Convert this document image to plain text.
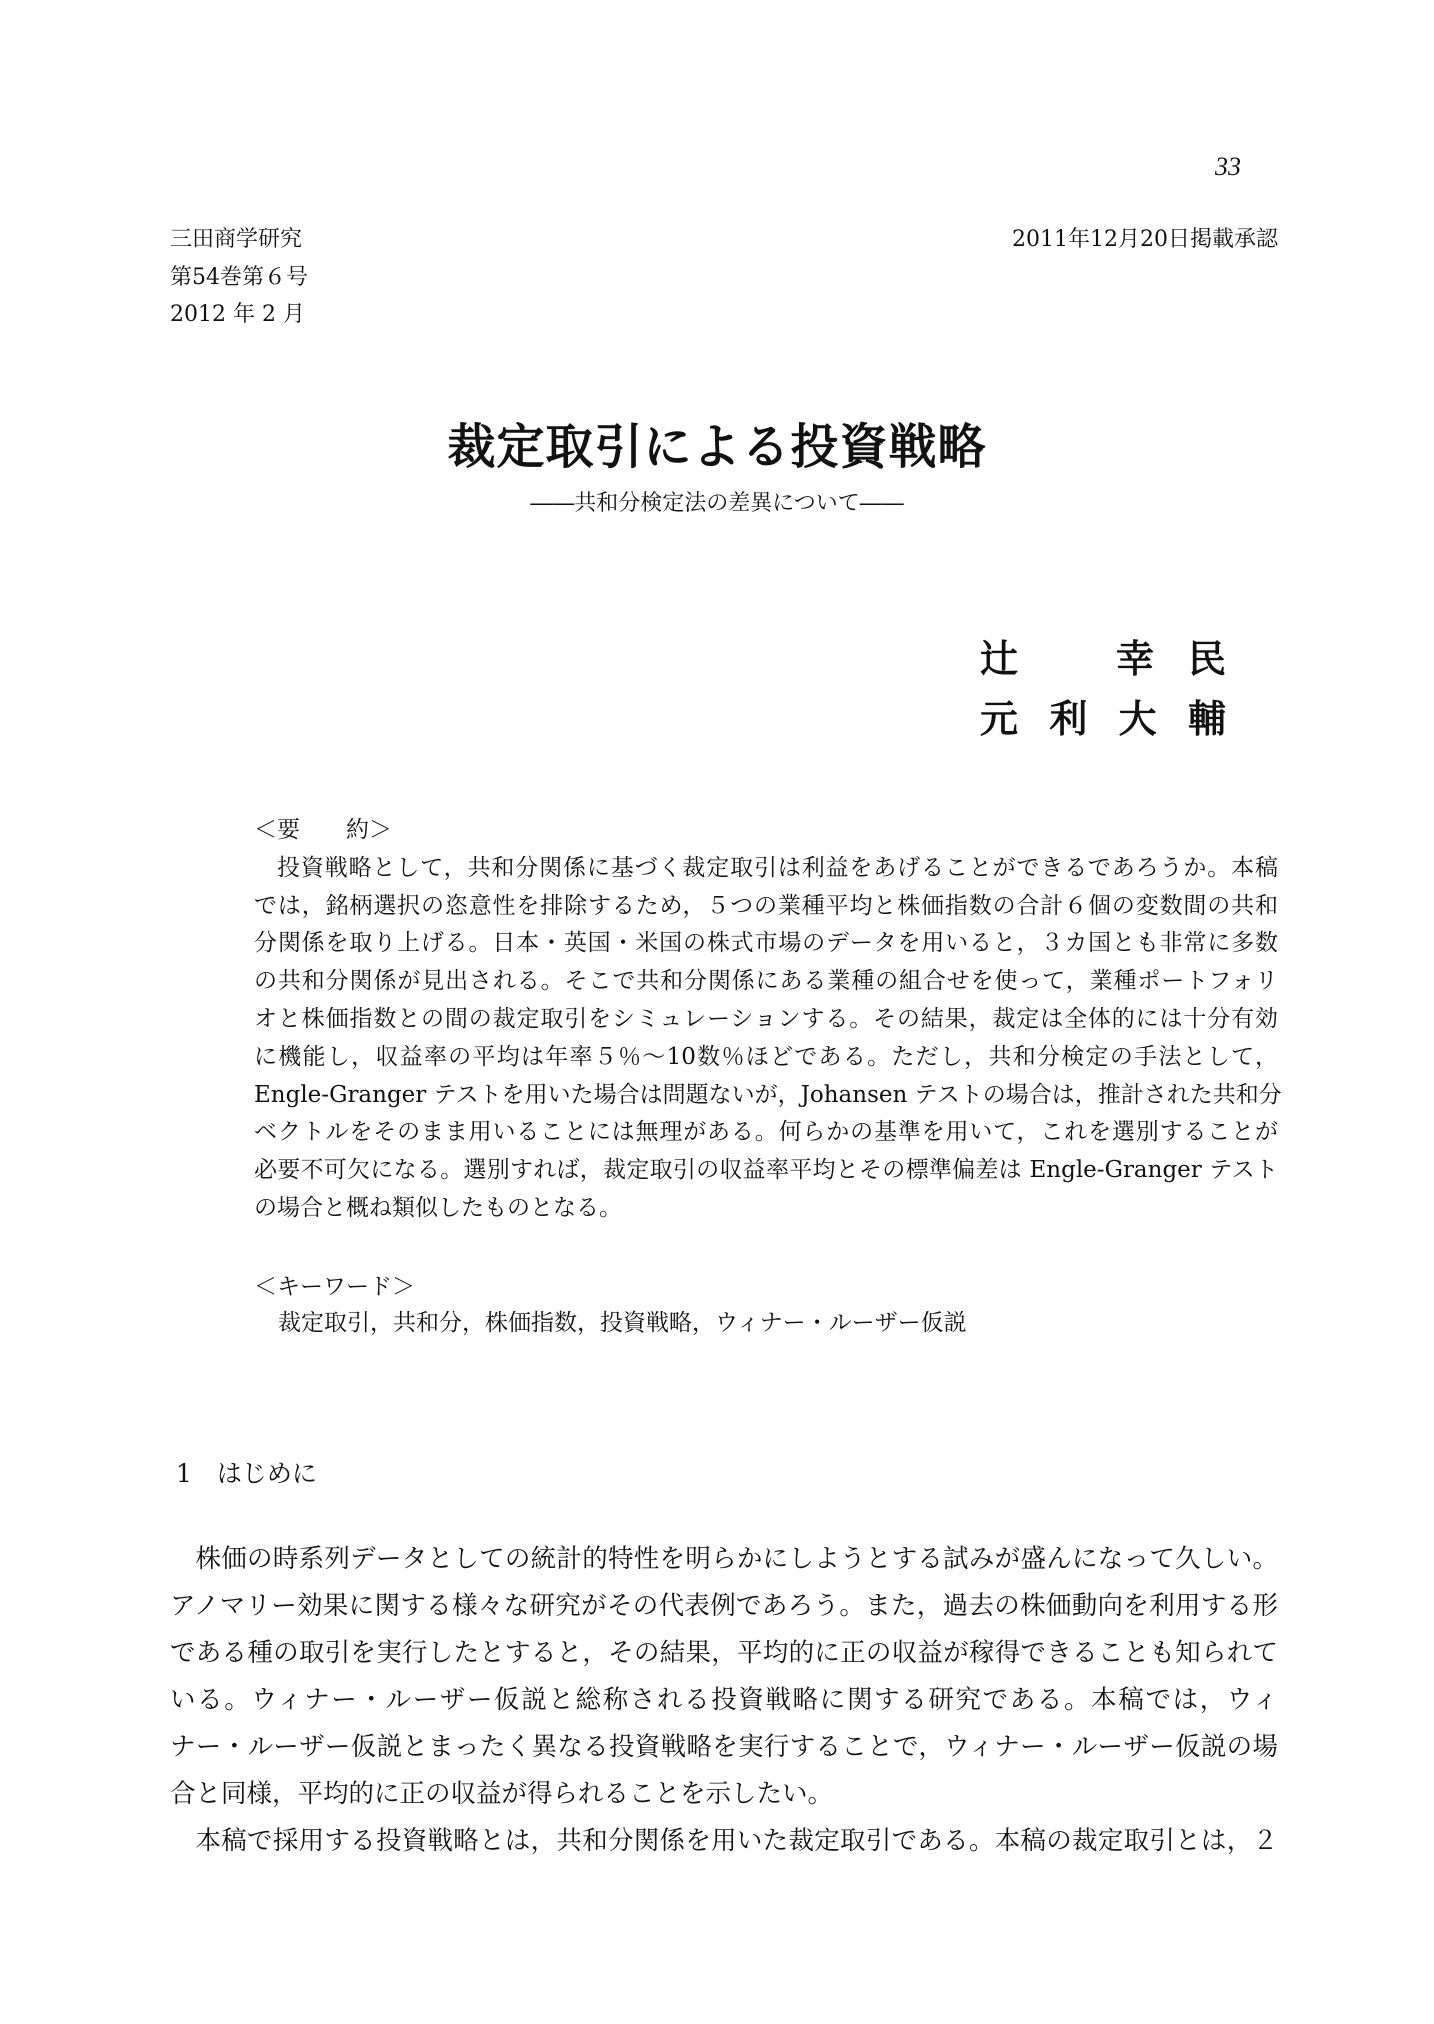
33
三田商学研究
第54巻第６号
2012 年 2 月
2011年12月20日掲載承認
裁定取引による投資戦略
――共和分検定法の差異について――
辻	幸 民
元 利 大 輔
＜要　　約＞
投資戦略として，共和分関係に基づく裁定取引は利益をあげることができるであろうか。本稿
では，銘柄選択の恣意性を排除するため，５つの業種平均と株価指数の合計６個の変数間の共和
分関係を取り上げる。日本・英国・米国の株式市場のデータを用いると，３カ国とも非常に多数
の共和分関係が見出される。そこで共和分関係にある業種の組合せを使って，業種ポートフォリ
オと株価指数との間の裁定取引をシミュレーションする。その結果，裁定は全体的には十分有効
に機能し，収益率の平均は年率５％～10数％ほどである。ただし，共和分検定の手法として，
Engle-Granger テストを用いた場合は問題ないが，Johansen テストの場合は，推計された共和分
ベクトルをそのまま用いることには無理がある。何らかの基準を用いて，これを選別することが
必要不可欠になる。選別すれば，裁定取引の収益率平均とその標準偏差は Engle-Granger テスト
の場合と概ね類似したものとなる。
＜キーワード＞
裁定取引，共和分，株価指数，投資戦略，ウィナー・ルーザー仮説
1　はじめに
株価の時系列データとしての統計的特性を明らかにしようとする試みが盛んになって久しい。
アノマリー効果に関する様々な研究がその代表例であろう。また，過去の株価動向を利用する形
である種の取引を実行したとすると，その結果，平均的に正の収益が稼得できることも知られて
いる。ウィナー・ルーザー仮説と総称される投資戦略に関する研究である。本稿では，ウィ
ナー・ルーザー仮説とまったく異なる投資戦略を実行することで，ウィナー・ルーザー仮説の場
合と同様，平均的に正の収益が得られることを示したい。
本稿で採用する投資戦略とは，共和分関係を用いた裁定取引である。本稿の裁定取引とは，２
